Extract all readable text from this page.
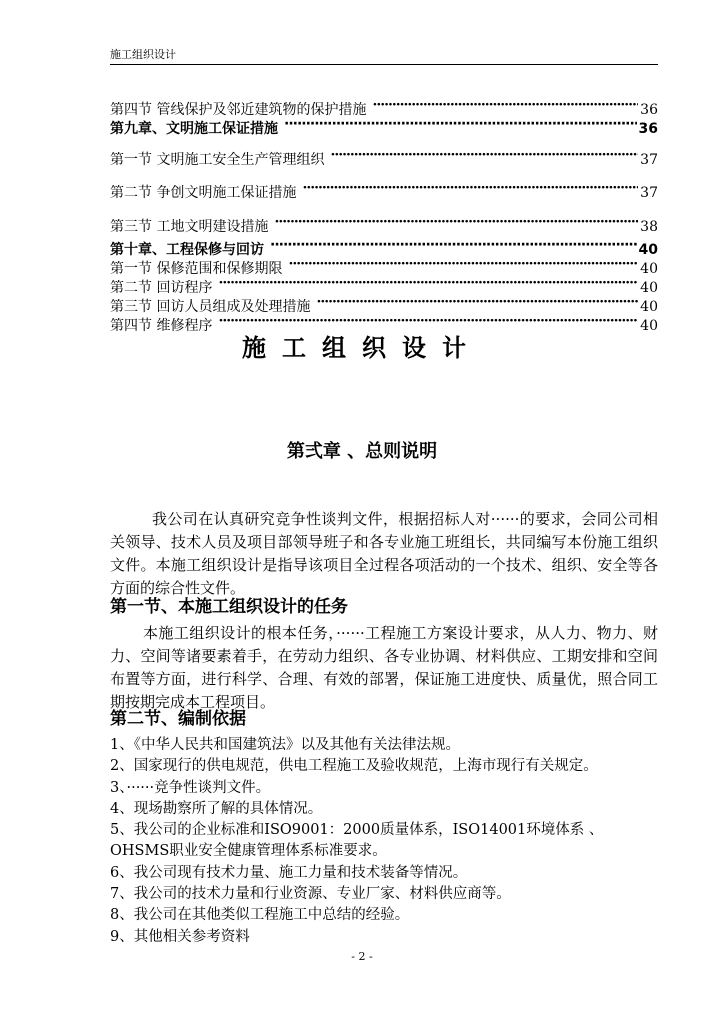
施工组织设计
第四节 管线保护及邻近建筑物的保护措施 ·····	36
第九章、文明施工保证措施 ·····	36
第一节 文明施工安全生产管理组织 ·····	37
第二节 争创文明施工保证措施 ·····	37
第三节 工地文明建设措施 ·····	38
第十章、工程保修与回访 ·····	40
第一节 保修范围和保修期限 ·····	40
第二节 回访程序 ·····	40
第三节 回访人员组成及处理措施 ·····	40
第四节 维修程序 ·····	40
施工组织设计
第弍章 、总则说明
我公司在认真研究竞争性谈判文件，根据招标人对······的要求，会同公司相关领导、技术人员及项目部领导班子和各专业施工班组长，共同编写本份施工组织文件。本施工组织设计是指导该项目全过程各项活动的一个技术、组织、安全等各方面的综合性文件。
第一节、本施工组织设计的任务
本施工组织设计的根本任务，······工程施工方案设计要求，从人力、物力、财力、空间等诸要素着手，在劳动力组织、各专业协调、材料供应、工期安排和空间布置等方面，进行科学、合理、有效的部署，保证施工进度快、质量优，照合同工期按期完成本工程项目。
第二节、编制依据
1、《中华人民共和国建筑法》以及其他有关法律法规。
2、国家现行的供电规范，供电工程施工及验收规范，上海市现行有关规定。
3、······竞争性谈判文件。
4、现场勘察所了解的具体情况。
5、我公司的企业标准和ISO9001：2000质量体系，ISO14001环境体系 、
OHSMS职业安全健康管理体系标准要求。
6、我公司现有技术力量、施工力量和技术装备等情况。
7、我公司的技术力量和行业资源、专业厂家、材料供应商等。
8、我公司在其他类似工程施工中总结的经验。
9、其他相关参考资料
- 2 -
